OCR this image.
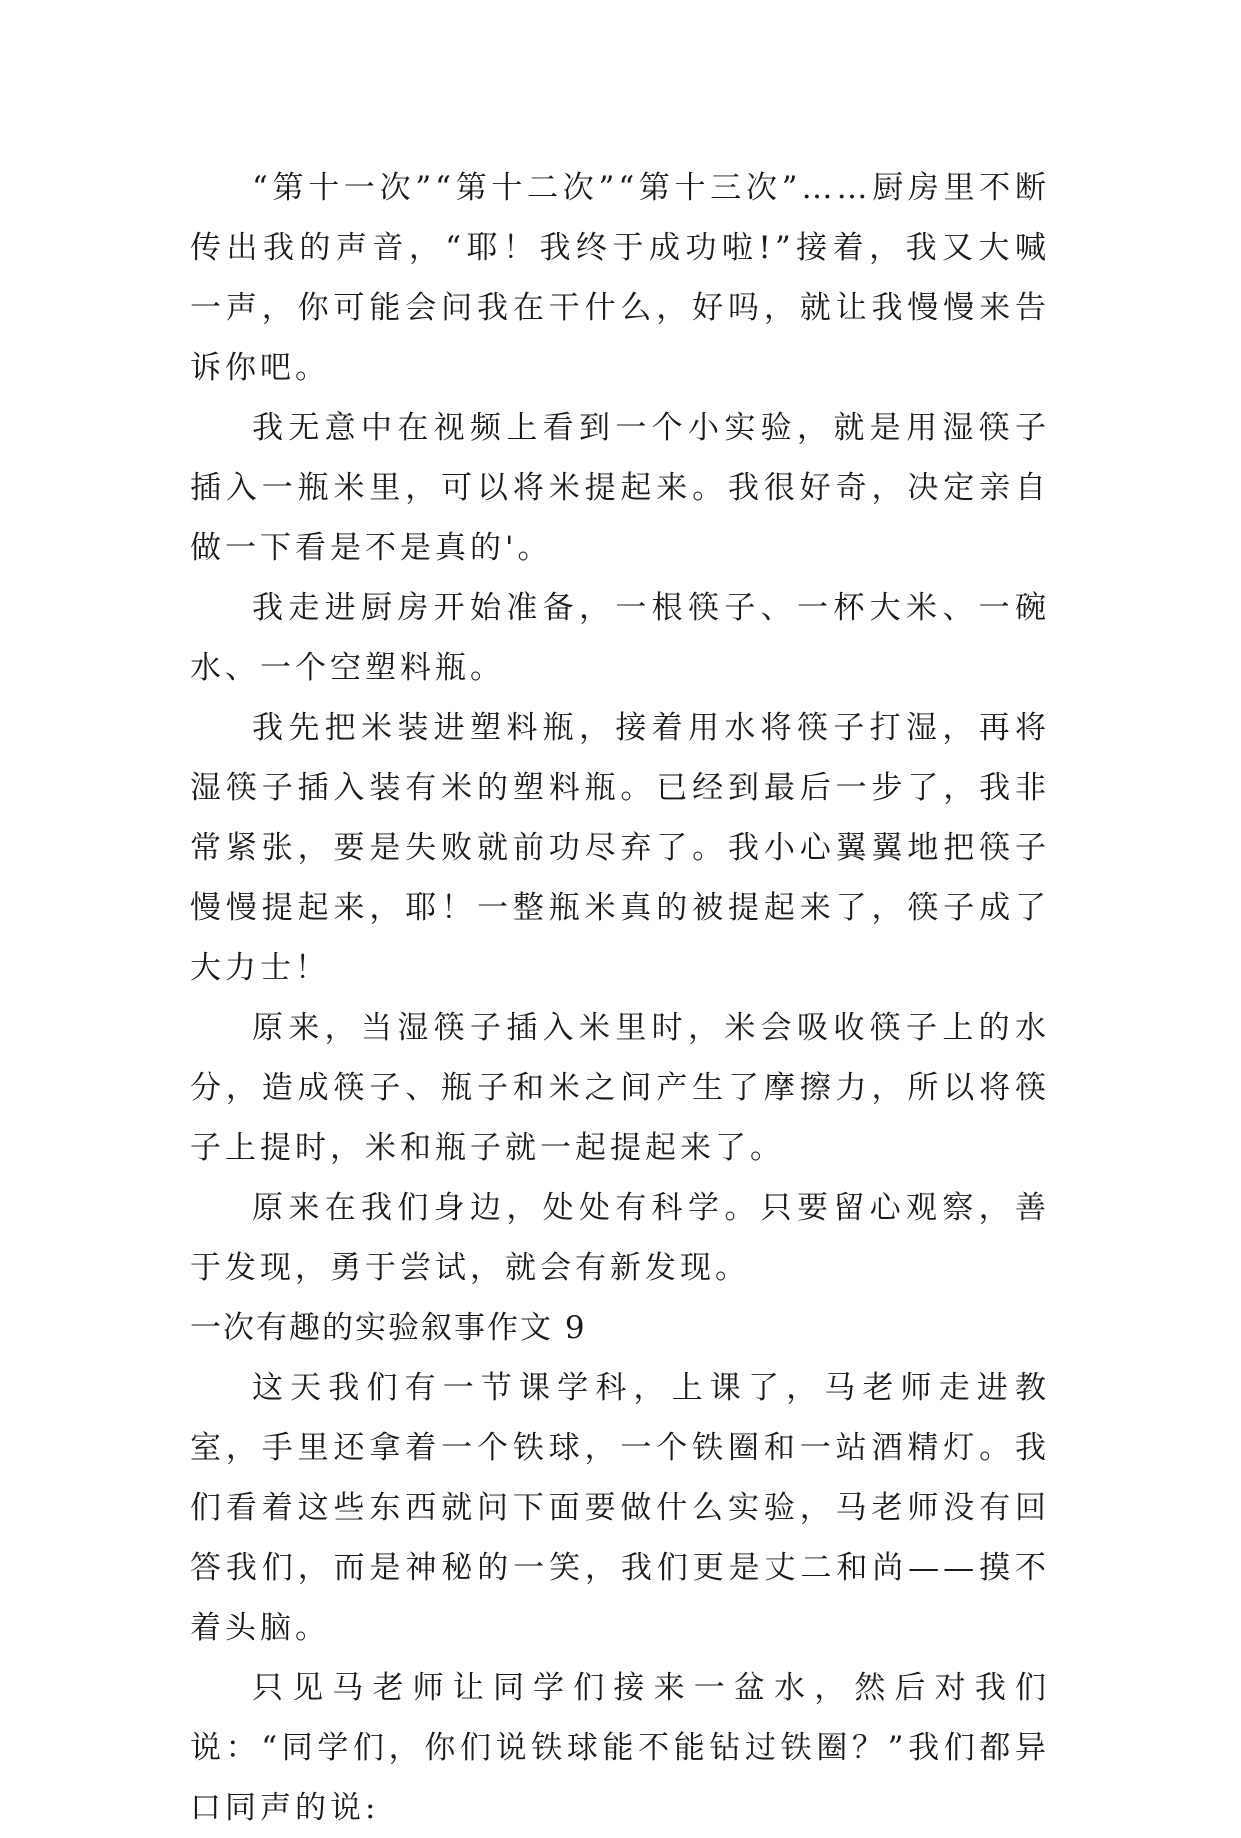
“第十一次”“第十二次”“第十三次”……厨房里不断传出我的声音，“耶！我终于成功啦!”接着，我又大喊一声，你可能会问我在干什么，好吗，就让我慢慢来告诉你吧。

我无意中在视频上看到一个小实验，就是用湿筷子插入一瓶米里，可以将米提起来。我很好奇，决定亲自做一下看是不是真的'。

我走进厨房开始准备，一根筷子、一杯大米、一碗水、一个空塑料瓶。

我先把米装进塑料瓶，接着用水将筷子打湿，再将湿筷子插入装有米的塑料瓶。已经到最后一步了，我非常紧张，要是失败就前功尽弃了。我小心翼翼地把筷子慢慢提起来，耶！一整瓶米真的被提起来了，筷子成了大力士！

原来，当湿筷子插入米里时，米会吸收筷子上的水分，造成筷子、瓶子和米之间产生了摩擦力，所以将筷子上提时，米和瓶子就一起提起来了。

原来在我们身边，处处有科学。只要留心观察，善于发现，勇于尝试，就会有新发现。

一次有趣的实验叙事作文 9

这天我们有一节课学科，上课了，马老师走进教室，手里还拿着一个铁球，一个铁圈和一站酒精灯。我们看着这些东西就问下面要做什么实验，马老师没有回答我们，而是神秘的一笑，我们更是丈二和尚——摸不着头脑。

只见马老师让同学们接来一盆水，然后对我们说：“同学们，你们说铁球能不能钻过铁圈？”我们都异口同声的说:
